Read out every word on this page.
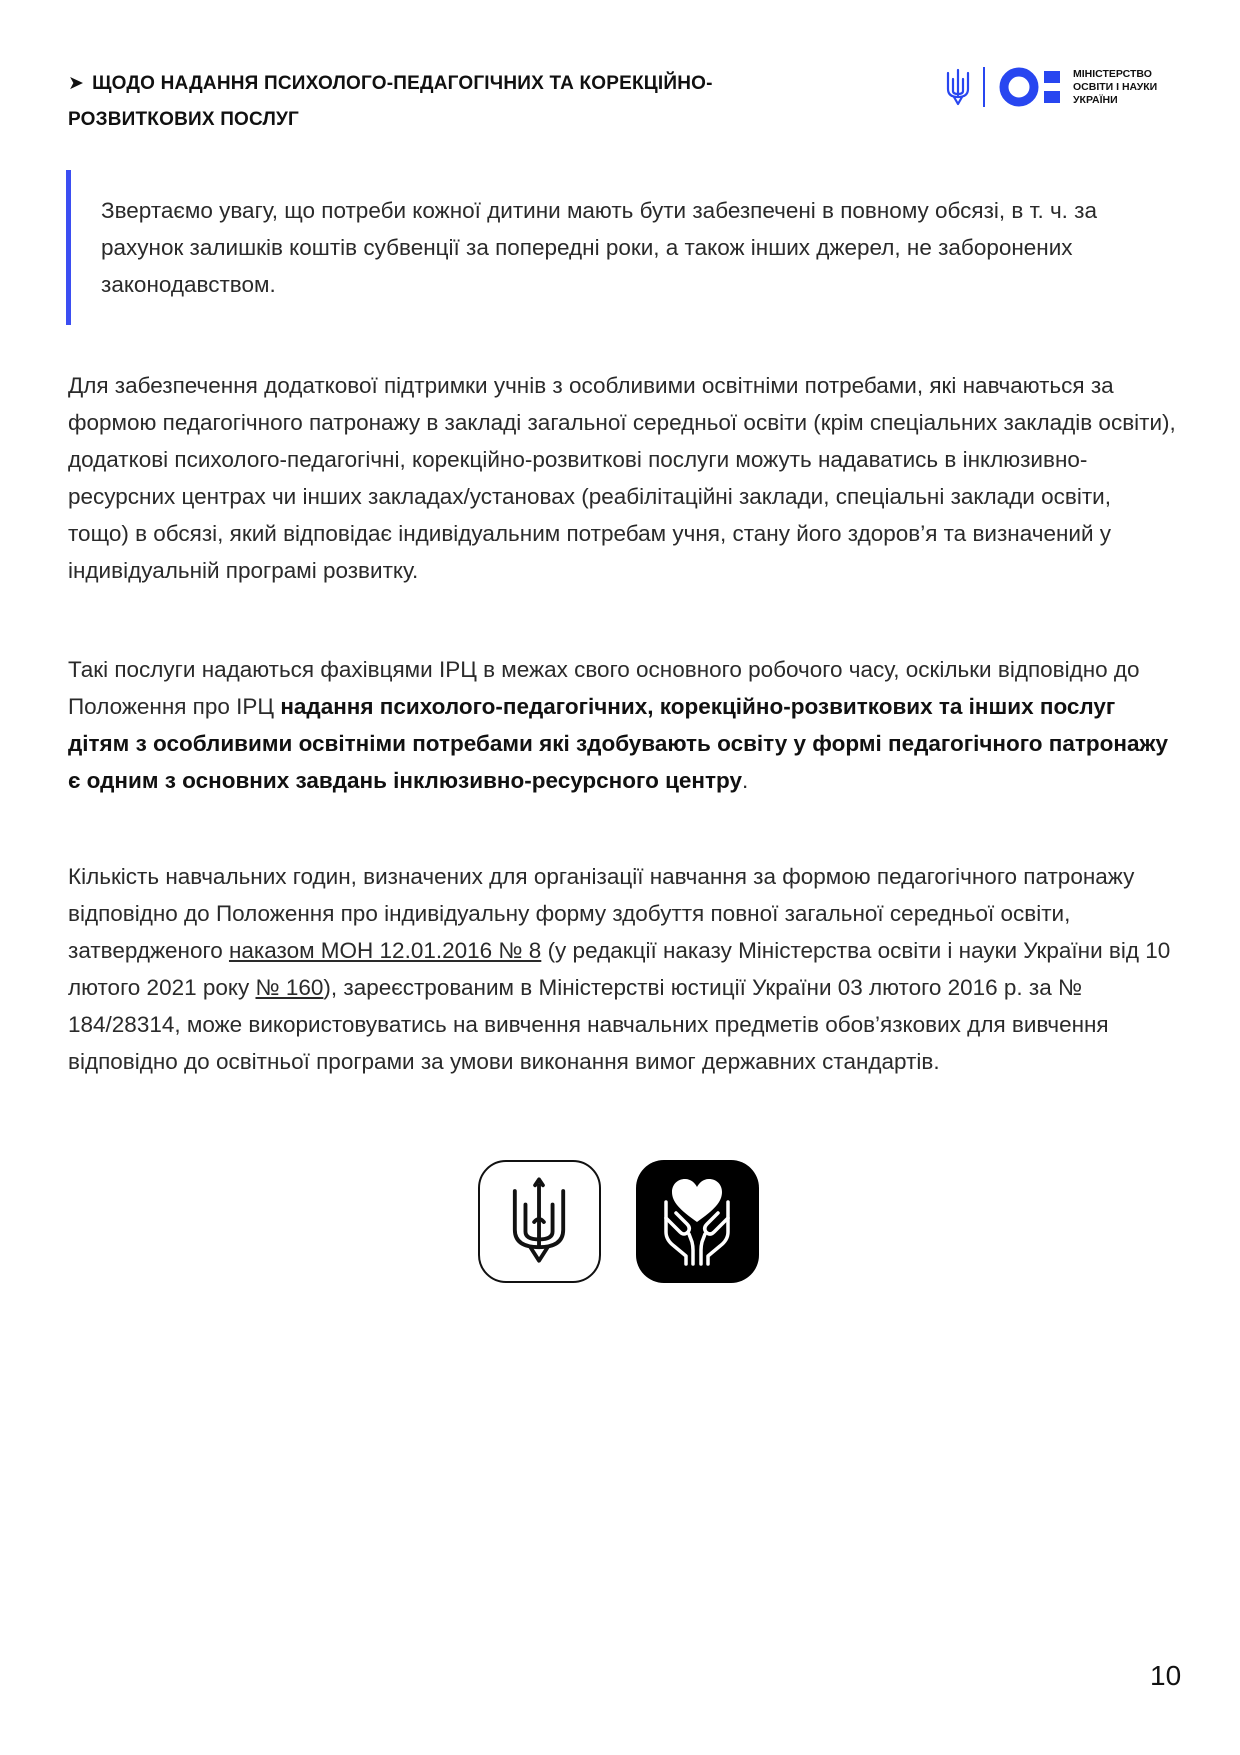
➤ ЩОДО НАДАННЯ ПСИХОЛОГО-ПЕДАГОГІЧНИХ ТА КОРЕКЦІЙНО-РОЗВИТКОВИХ ПОСЛУГ
МІНІСТЕРСТВО
ОСВІТИ І НАУКИ
УКРАЇНИ

Звертаємо увагу, що потреби кожної дитини мають бути забезпечені в повному обсязі, в т. ч. за рахунок залишків коштів субвенції за попередні роки, а також інших джерел, не заборонених законодавством.

Для забезпечення додаткової підтримки учнів з особливими освітніми потребами, які навчаються за формою педагогічного патронажу в закладі загальної середньої освіти (крім спеціальних закладів освіти), додаткові психолого-педагогічні, корекційно-розвиткові послуги можуть надаватись в інклюзивно-ресурсних центрах чи інших закладах/установах (реабілітаційні заклади, спеціальні заклади освіти, тощо) в обсязі, який відповідає індивідуальним потребам учня, стану його здоров’я та визначений у індивідуальній програмі розвитку.

Такі послуги надаються фахівцями ІРЦ в межах свого основного робочого часу, оскільки відповідно до Положення про ІРЦ надання психолого-педагогічних, корекційно-розвиткових та інших послуг дітям з особливими освітніми потребами які здобувають освіту у формі педагогічного патронажу є одним з основних завдань інклюзивно-ресурсного центру.

Кількість навчальних годин, визначених для організації навчання за формою педагогічного патронажу відповідно до Положення про індивідуальну форму здобуття повної загальної середньої освіти, затвердженого наказом МОН 12.01.2016 № 8 (у редакції наказу Міністерства освіти і науки України від 10 лютого 2021 року № 160), зареєстрованим в Міністерстві юстиції України 03 лютого 2016 р. за № 184/28314, може використовуватись на вивчення навчальних предметів обов’язкових для вивчення відповідно до освітньої програми за умови виконання вимог державних стандартів.

10
